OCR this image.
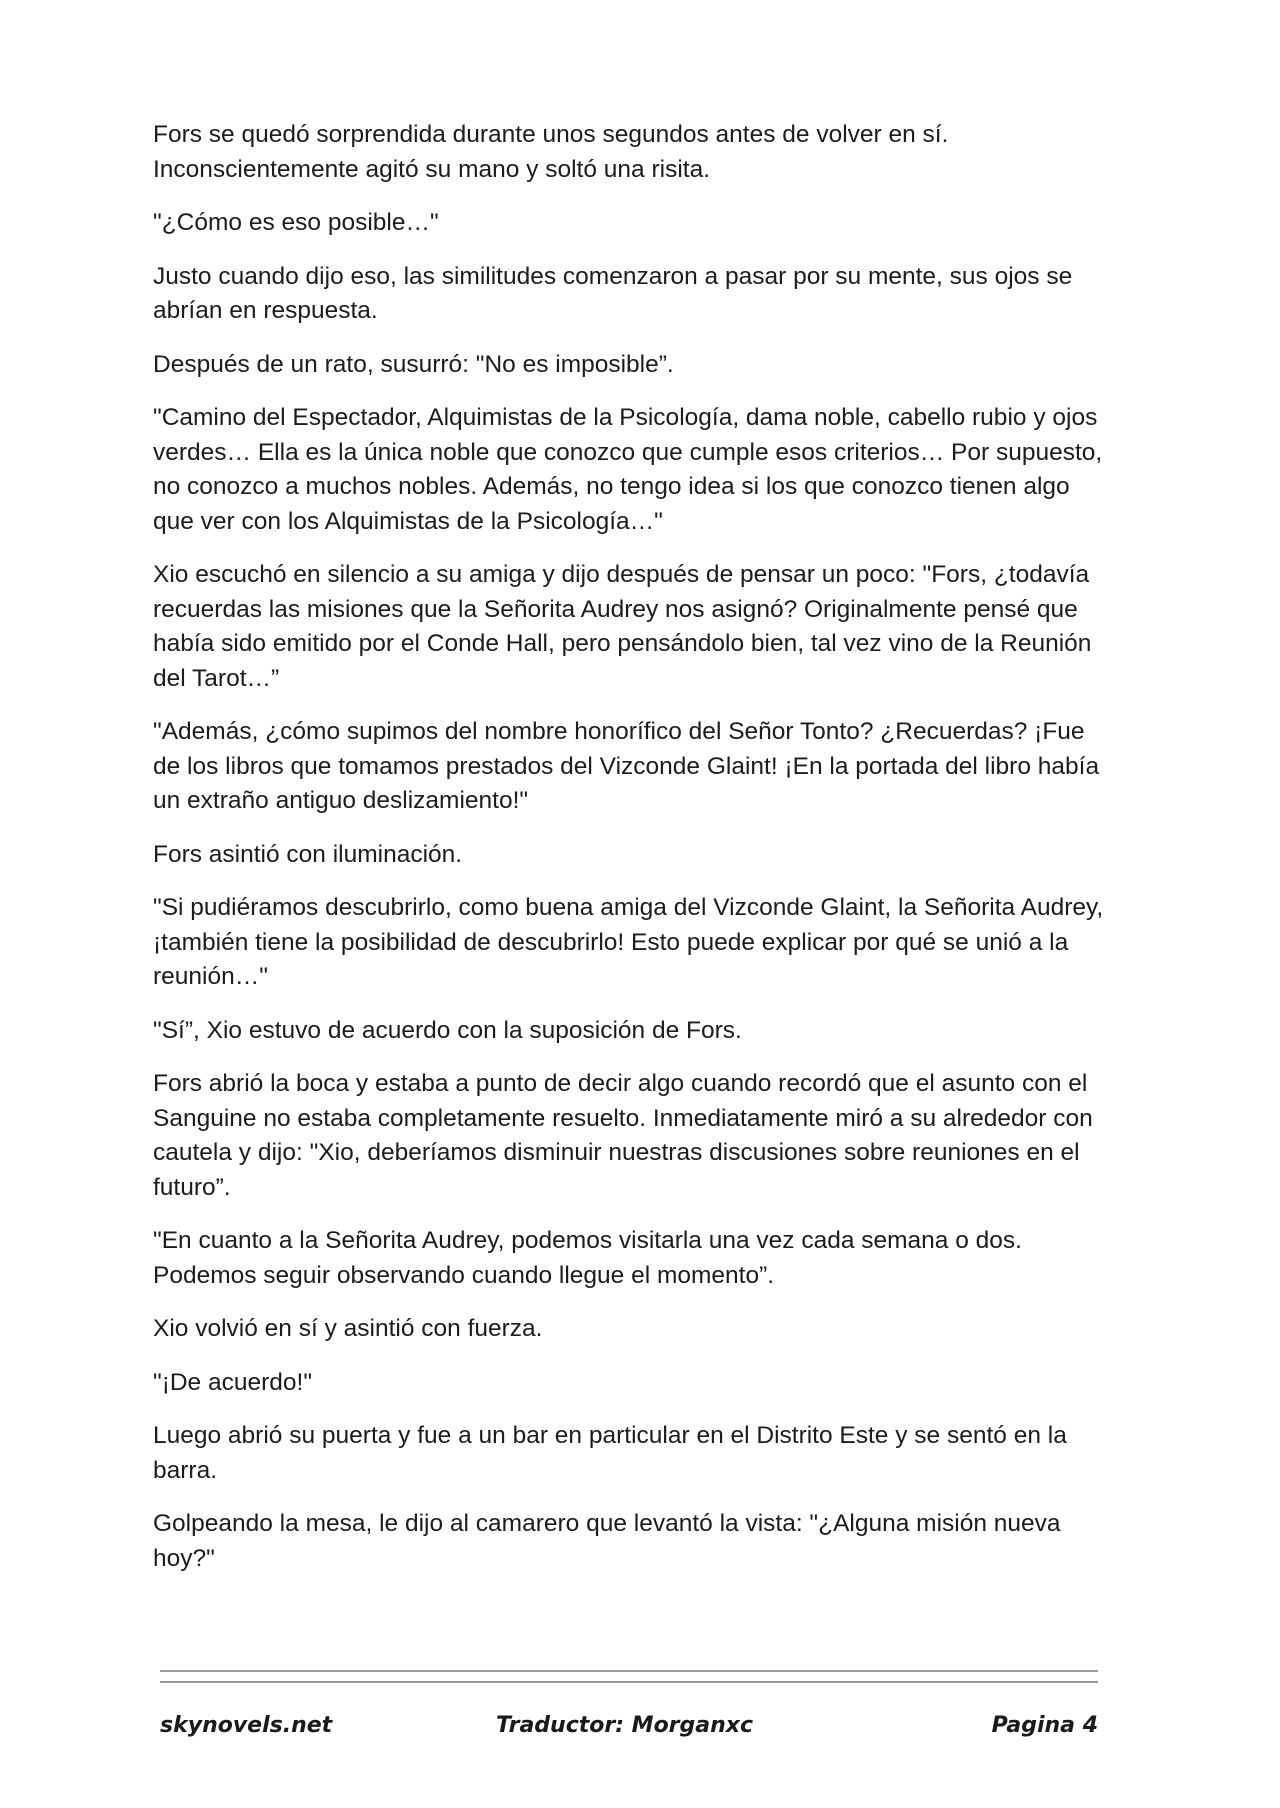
Fors se quedó sorprendida durante unos segundos antes de volver en sí. Inconscientemente agitó su mano y soltó una risita.

"¿Cómo es eso posible…"

Justo cuando dijo eso, las similitudes comenzaron a pasar por su mente, sus ojos se abrían en respuesta.

Después de un rato, susurró: "No es imposible”.

"Camino del Espectador, Alquimistas de la Psicología, dama noble, cabello rubio y ojos verdes… Ella es la única noble que conozco que cumple esos criterios… Por supuesto, no conozco a muchos nobles. Además, no tengo idea si los que conozco tienen algo que ver con los Alquimistas de la Psicología…"

Xio escuchó en silencio a su amiga y dijo después de pensar un poco: "Fors, ¿todavía recuerdas las misiones que la Señorita Audrey nos asignó? Originalmente pensé que había sido emitido por el Conde Hall, pero pensándolo bien, tal vez vino de la Reunión del Tarot…”

"Además, ¿cómo supimos del nombre honorífico del Señor Tonto? ¿Recuerdas? ¡Fue de los libros que tomamos prestados del Vizconde Glaint! ¡En la portada del libro había un extraño antiguo deslizamiento!"

Fors asintió con iluminación.

"Si pudiéramos descubrirlo, como buena amiga del Vizconde Glaint, la Señorita Audrey, ¡también tiene la posibilidad de descubrirlo! Esto puede explicar por qué se unió a la reunión…"

"Sí”, Xio estuvo de acuerdo con la suposición de Fors.

Fors abrió la boca y estaba a punto de decir algo cuando recordó que el asunto con el Sanguine no estaba completamente resuelto. Inmediatamente miró a su alrededor con cautela y dijo: "Xio, deberíamos disminuir nuestras discusiones sobre reuniones en el futuro”.

"En cuanto a la Señorita Audrey, podemos visitarla una vez cada semana o dos. Podemos seguir observando cuando llegue el momento”.

Xio volvió en sí y asintió con fuerza.

"¡De acuerdo!"

Luego abrió su puerta y fue a un bar en particular en el Distrito Este y se sentó en la barra.

Golpeando la mesa, le dijo al camarero que levantó la vista: "¿Alguna misión nueva hoy?"

skynovels.net	Traductor: Morganxc	Pagina 4
